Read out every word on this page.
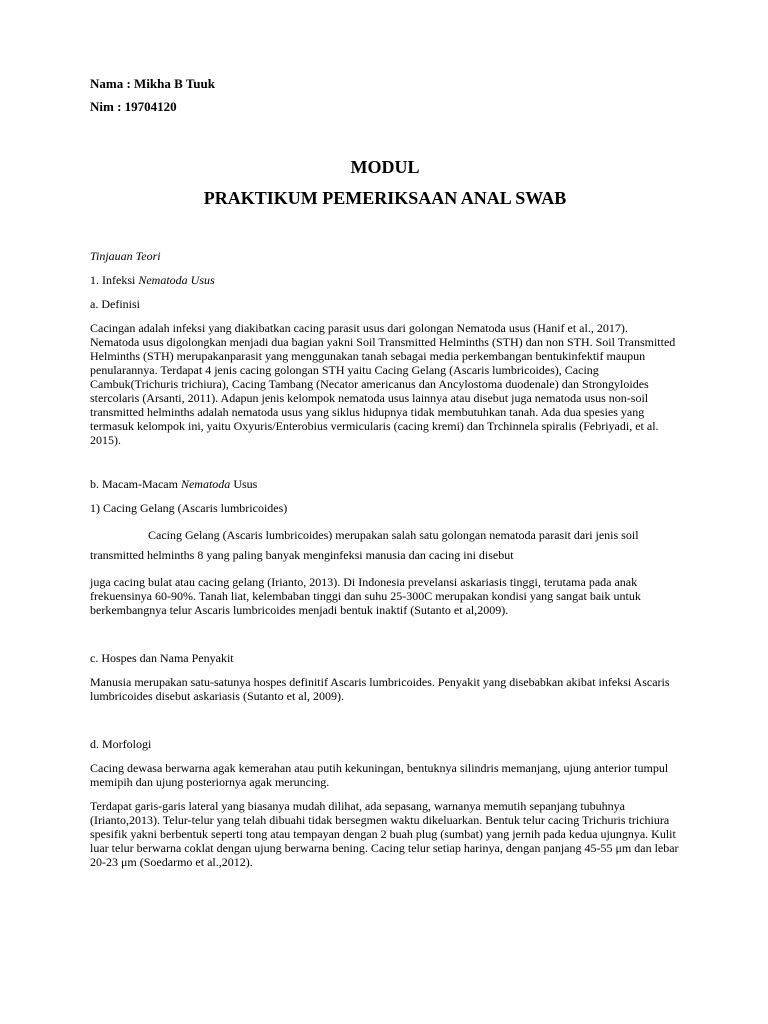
Nama : Mikha B Tuuk
Nim : 19704120
MODUL
PRAKTIKUM PEMERIKSAAN ANAL SWAB

Tinjauan Teori

1. Infeksi Nematoda Usus

a. Definisi

Cacingan adalah infeksi yang diakibatkan cacing parasit usus dari golongan Nematoda usus (Hanif et al., 2017). Nematoda usus digolongkan menjadi dua bagian yakni Soil Transmitted Helminths (STH) dan non STH. Soil Transmitted Helminths (STH) merupakanparasit yang menggunakan tanah sebagai media perkembangan bentukinfektif maupun penularannya. Terdapat 4 jenis cacing golongan STH yaitu Cacing Gelang (Ascaris lumbricoides), Cacing Cambuk(Trichuris trichiura), Cacing Tambang (Necator americanus dan Ancylostoma duodenale) dan Strongyloides stercolaris (Arsanti, 2011). Adapun jenis kelompok nematoda usus lainnya atau disebut juga nematoda usus non-soil transmitted helminths adalah nematoda usus yang siklus hidupnya tidak membutuhkan tanah. Ada dua spesies yang termasuk kelompok ini, yaitu Oxyuris/Enterobius vermicularis (cacing kremi) dan Trchinnela spiralis (Febriyadi, et al. 2015).

b. Macam-Macam Nematoda Usus

1) Cacing Gelang (Ascaris lumbricoides)

Cacing Gelang (Ascaris lumbricoides) merupakan salah satu golongan nematoda parasit dari jenis soil transmitted helminths 8 yang paling banyak menginfeksi manusia dan cacing ini disebut

juga cacing bulat atau cacing gelang (Irianto, 2013). Di Indonesia prevelansi askariasis tinggi, terutama pada anak frekuensinya 60-90%. Tanah liat, kelembaban tinggi dan suhu 25-300C merupakan kondisi yang sangat baik untuk berkembangnya telur Ascaris lumbricoides menjadi bentuk inaktif (Sutanto et al,2009).

c. Hospes dan Nama Penyakit

Manusia merupakan satu-satunya hospes definitif Ascaris lumbricoides. Penyakit yang disebabkan akibat infeksi Ascaris lumbricoides disebut askariasis (Sutanto et al, 2009).

d. Morfologi

Cacing dewasa berwarna agak kemerahan atau putih kekuningan, bentuknya silindris memanjang, ujung anterior tumpul memipih dan ujung posteriornya agak meruncing.

Terdapat garis-garis lateral yang biasanya mudah dilihat, ada sepasang, warnanya memutih sepanjang tubuhnya (Irianto,2013). Telur-telur yang telah dibuahi tidak bersegmen waktu dikeluarkan. Bentuk telur cacing Trichuris trichiura spesifik yakni berbentuk seperti tong atau tempayan dengan 2 buah plug (sumbat) yang jernih pada kedua ujungnya. Kulit luar telur berwarna coklat dengan ujung berwarna bening. Cacing telur setiap harinya, dengan panjang 45-55 μm dan lebar 20-23 μm (Soedarmo et al.,2012).
